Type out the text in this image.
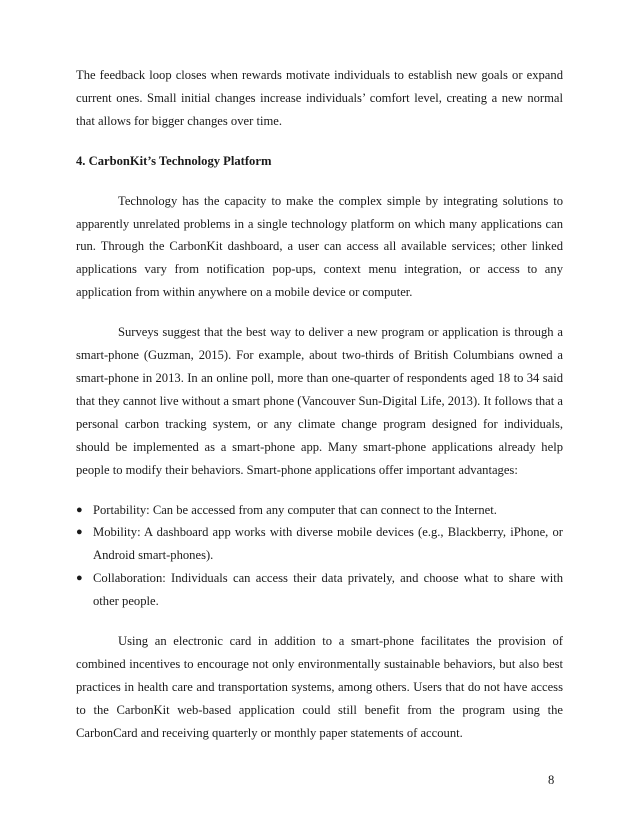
The feedback loop closes when rewards motivate individuals to establish new goals or expand current ones. Small initial changes increase individuals’ comfort level, creating a new normal that allows for bigger changes over time.

4. CarbonKit’s Technology Platform

Technology has the capacity to make the complex simple by integrating solutions to apparently unrelated problems in a single technology platform on which many applications can run. Through the CarbonKit dashboard, a user can access all available services; other linked applications vary from notification pop-ups, context menu integration, or access to any application from within anywhere on a mobile device or computer.

Surveys suggest that the best way to deliver a new program or application is through a smart-phone (Guzman, 2015). For example, about two-thirds of British Columbians owned a smart-phone in 2013. In an online poll, more than one-quarter of respondents aged 18 to 34 said that they cannot live without a smart phone (Vancouver Sun-Digital Life, 2013). It follows that a personal carbon tracking system, or any climate change program designed for individuals, should be implemented as a smart-phone app. Many smart-phone applications already help people to modify their behaviors. Smart-phone applications offer important advantages:

● Portability: Can be accessed from any computer that can connect to the Internet.
● Mobility: A dashboard app works with diverse mobile devices (e.g., Blackberry, iPhone, or Android smart-phones).
● Collaboration: Individuals can access their data privately, and choose what to share with other people.

Using an electronic card in addition to a smart-phone facilitates the provision of combined incentives to encourage not only environmentally sustainable behaviors, but also best practices in health care and transportation systems, among others. Users that do not have access to the CarbonKit web-based application could still benefit from the program using the CarbonCard and receiving quarterly or monthly paper statements of account.

8
